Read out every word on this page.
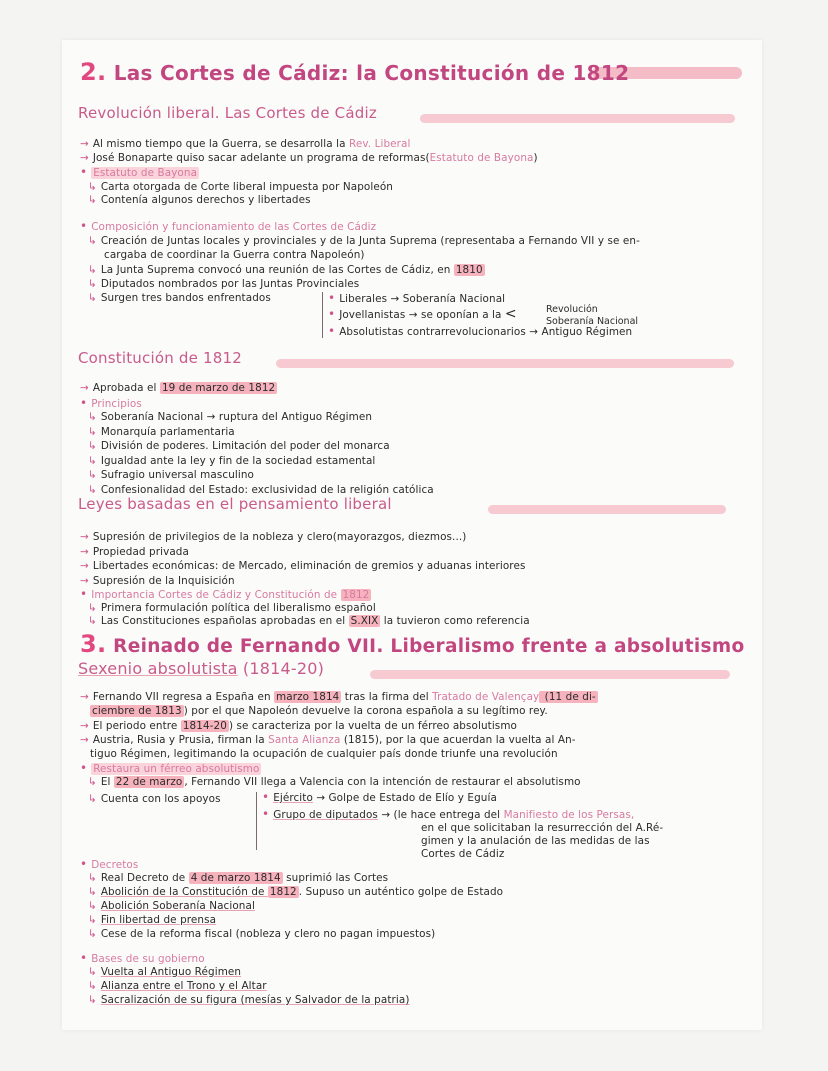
2. Las Cortes de Cádiz: la Constitución de 1812
Revolución liberal. Las Cortes de Cádiz
→ Al mismo tiempo que la Guerra, se desarrolla la Rev. Liberal
→ José Bonaparte quiso sacar adelante un programa de reformas(Estatuto de Bayona)
• Estatuto de Bayona
↳ Carta otorgada de Corte liberal impuesta por Napoleón
↳ Contenía algunos derechos y libertades
• Composición y funcionamiento de las Cortes de Cádiz
↳ Creación de Juntas locales y provinciales y de la Junta Suprema (representaba a Fernando VII y se en-
cargaba de coordinar la Guerra contra Napoleón)
↳ La Junta Suprema convocó una reunión de las Cortes de Cádiz, en 1810
↳ Diputados nombrados por las Juntas Provinciales
↳ Surgen tres bandos enfrentados	• Liberales → Soberanía Nacional
• Jovellanistas → se oponían a la <	Revolución
Soberanía Nacional
• Absolutistas contrarrevolucionarios → Antiguo Régimen
Constitución de 1812
→ Aprobada el 19 de marzo de 1812
• Principios
↳ Soberanía Nacional → ruptura del Antiguo Régimen
↳ Monarquía parlamentaria
↳ División de poderes. Limitación del poder del monarca
↳ Igualdad ante la ley y fin de la sociedad estamental
↳ Sufragio universal masculino
↳ Confesionalidad del Estado: exclusividad de la religión católica
Leyes basadas en el pensamiento liberal
→ Supresión de privilegios de la nobleza y clero(mayorazgos, diezmos...)
→ Propiedad privada
→ Libertades económicas: de Mercado, eliminación de gremios y aduanas interiores
→ Supresión de la Inquisición
• Importancia Cortes de Cádiz y Constitución de 1812
↳ Primera formulación política del liberalismo español
↳ Las Constituciones españolas aprobadas en el S.XIX la tuvieron como referencia
3. Reinado de Fernando VII. Liberalismo frente a absolutismo
Sexenio absolutista (1814-20)
→ Fernando VII regresa a España en marzo 1814 tras la firma del Tratado de Valençay (11 de di-
ciembre de 1813 ) por el que Napoleón devuelve la corona española a su legítimo rey.
→ El periodo entre 1814-20 ) se caracteriza por la vuelta de un férreo absolutismo
→ Austria, Rusia y Prusia, firman la Santa Alianza (1815), por la que acuerdan la vuelta al An-
tiguo Régimen, legitimando la ocupación de cualquier país donde triunfe una revolución
• Restaura un férreo absolutismo
↳ El 22 de marzo , Fernando VII llega a Valencia con la intención de restaurar el absolutismo
↳ Cuenta con los apoyos	• Ejército → Golpe de Estado de Elío y Eguía
• Grupo de diputados → (le hace entrega del Manifiesto de los Persas,
en el que solicitaban la resurrección del A.Ré-
gimen y la anulación de las medidas de las
Cortes de Cádiz
• Decretos
↳ Real Decreto de 4 de marzo 1814 suprimió las Cortes
↳ Abolición de la Constitución de 1812 . Supuso un auténtico golpe de Estado
↳ Abolición Soberanía Nacional
↳ Fin libertad de prensa
↳ Cese de la reforma fiscal (nobleza y clero no pagan impuestos)
• Bases de su gobierno
↳ Vuelta al Antiguo Régimen
↳ Alianza entre el Trono y el Altar
↳ Sacralización de su figura (mesías y Salvador de la patria)
